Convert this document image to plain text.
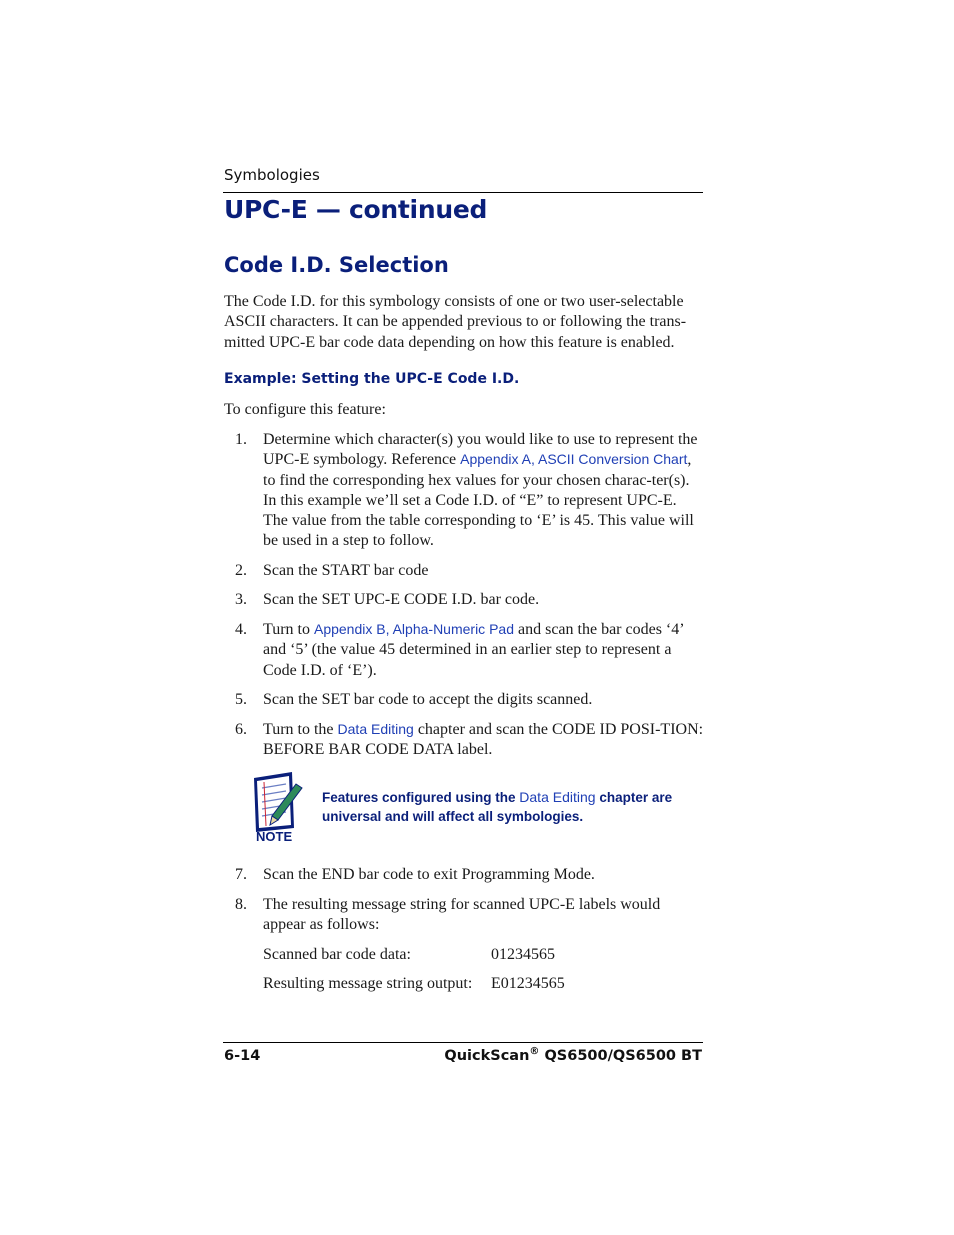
Symbologies
UPC-E — continued
Code I.D. Selection
The Code I.D. for this symbology consists of one or two user-selectable
ASCII characters. It can be appended previous to or following the trans-
mitted UPC-E bar code data depending on how this feature is enabled.
Example: Setting the UPC-E Code I.D.
To configure this feature:
1. Determine which character(s) you would like to use to represent the UPC-E symbology. Reference Appendix A, ASCII Conversion Chart, to find the corresponding hex values for your chosen charac-ter(s). In this example we’ll set a Code I.D. of “E” to represent UPC-E. The value from the table corresponding to ‘E’ is 45. This value will be used in a step to follow.
2. Scan the START bar code
3. Scan the SET UPC-E CODE I.D. bar code.
4. Turn to Appendix B, Alpha-Numeric Pad and scan the bar codes ‘4’ and ‘5’ (the value 45 determined in an earlier step to represent a Code I.D. of ‘E’).
5. Scan the SET bar code to accept the digits scanned.
6. Turn to the Data Editing chapter and scan the CODE ID POSI-TION: BEFORE BAR CODE DATA label.
NOTE
Features configured using the Data Editing chapter are universal and will affect all symbologies.
7. Scan the END bar code to exit Programming Mode.
8. The resulting message string for scanned UPC-E labels would appear as follows:
Scanned bar code data:	01234565
Resulting message string output: E01234565
6-14	QuickScan® QS6500/QS6500 BT
